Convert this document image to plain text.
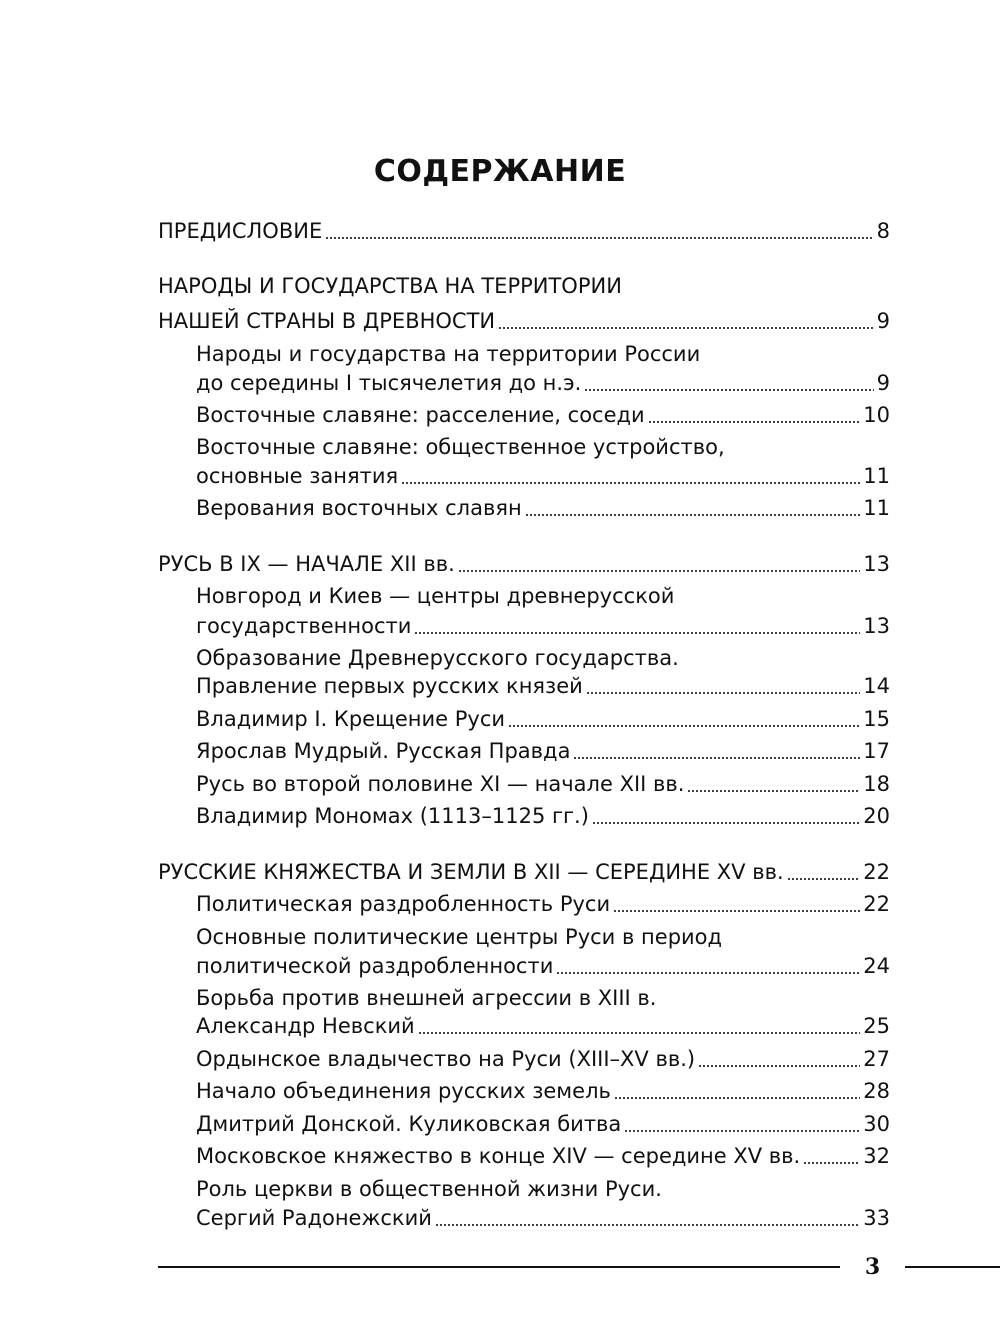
СОДЕРЖАНИЕ
ПРЕДИСЛОВИЕ	8
НАРОДЫ И ГОСУДАРСТВА НА ТЕРРИТОРИИ
НАШЕЙ СТРАНЫ В ДРЕВНОСТИ	9
Народы и государства на территории России
до середины I тысячелетия до н.э.	9
Восточные славяне: расселение, соседи	10
Восточные славяне: общественное устройство,
основные занятия	11
Верования восточных славян	11
РУСЬ В IX — НАЧАЛЕ XII вв.	13
Новгород и Киев — центры древнерусской
государственности	13
Образование Древнерусского государства.
Правление первых русских князей	14
Владимир I. Крещение Руси	15
Ярослав Мудрый. Русская Правда	17
Русь во второй половине XI — начале XII вв.	18
Владимир Мономах (1113–1125 гг.)	20
РУССКИЕ КНЯЖЕСТВА И ЗЕМЛИ В XII — СЕРЕДИНЕ XV вв.	22
Политическая раздробленность Руси	22
Основные политические центры Руси в период
политической раздробленности	24
Борьба против внешней агрессии в XIII в.
Александр Невский	25
Ордынское владычество на Руси (XIII–XV вв.)	27
Начало объединения русских земель	28
Дмитрий Донской. Куликовская битва	30
Московское княжество в конце XIV — середине XV вв.	32
Роль церкви в общественной жизни Руси.
Сергий Радонежский	33
3
